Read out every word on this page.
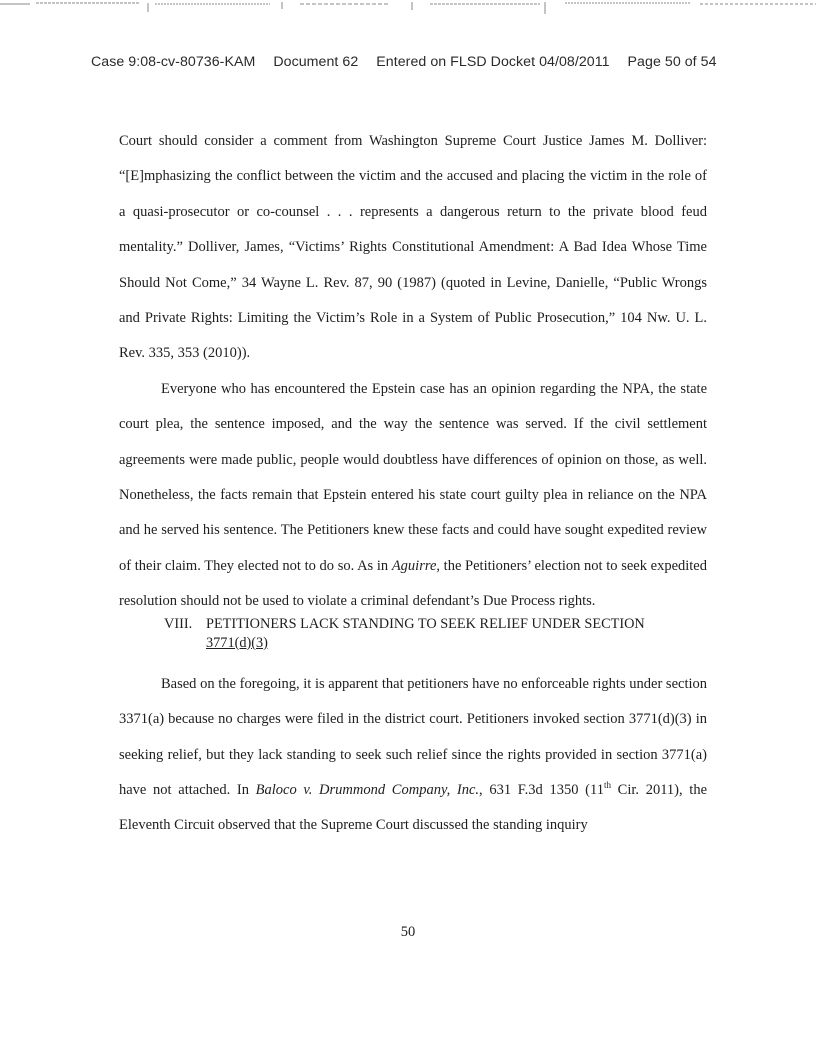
Case 9:08-cv-80736-KAM Document 62 Entered on FLSD Docket 04/08/2011 Page 50 of 54

Court should consider a comment from Washington Supreme Court Justice James M. Dolliver: “[E]mphasizing the conflict between the victim and the accused and placing the victim in the role of a quasi-prosecutor or co-counsel . . . represents a dangerous return to the private blood feud mentality.” Dolliver, James, “Victims’ Rights Constitutional Amendment: A Bad Idea Whose Time Should Not Come,” 34 Wayne L. Rev. 87, 90 (1987) (quoted in Levine, Danielle, “Public Wrongs and Private Rights: Limiting the Victim’s Role in a System of Public Prosecution,” 104 Nw. U. L. Rev. 335, 353 (2010)).

Everyone who has encountered the Epstein case has an opinion regarding the NPA, the state court plea, the sentence imposed, and the way the sentence was served. If the civil settlement agreements were made public, people would doubtless have differences of opinion on those, as well. Nonetheless, the facts remain that Epstein entered his state court guilty plea in reliance on the NPA and he served his sentence. The Petitioners knew these facts and could have sought expedited review of their claim. They elected not to do so. As in Aguirre, the Petitioners’ election not to seek expedited resolution should not be used to violate a criminal defendant’s Due Process rights.

VIII. PETITIONERS LACK STANDING TO SEEK RELIEF UNDER SECTION
3771(d)(3)

Based on the foregoing, it is apparent that petitioners have no enforceable rights under section 3371(a) because no charges were filed in the district court. Petitioners invoked section 3771(d)(3) in seeking relief, but they lack standing to seek such relief since the rights provided in section 3771(a) have not attached. In Baloco v. Drummond Company, Inc., 631 F.3d 1350 (11th Cir. 2011), the Eleventh Circuit observed that the Supreme Court discussed the standing inquiry

50
